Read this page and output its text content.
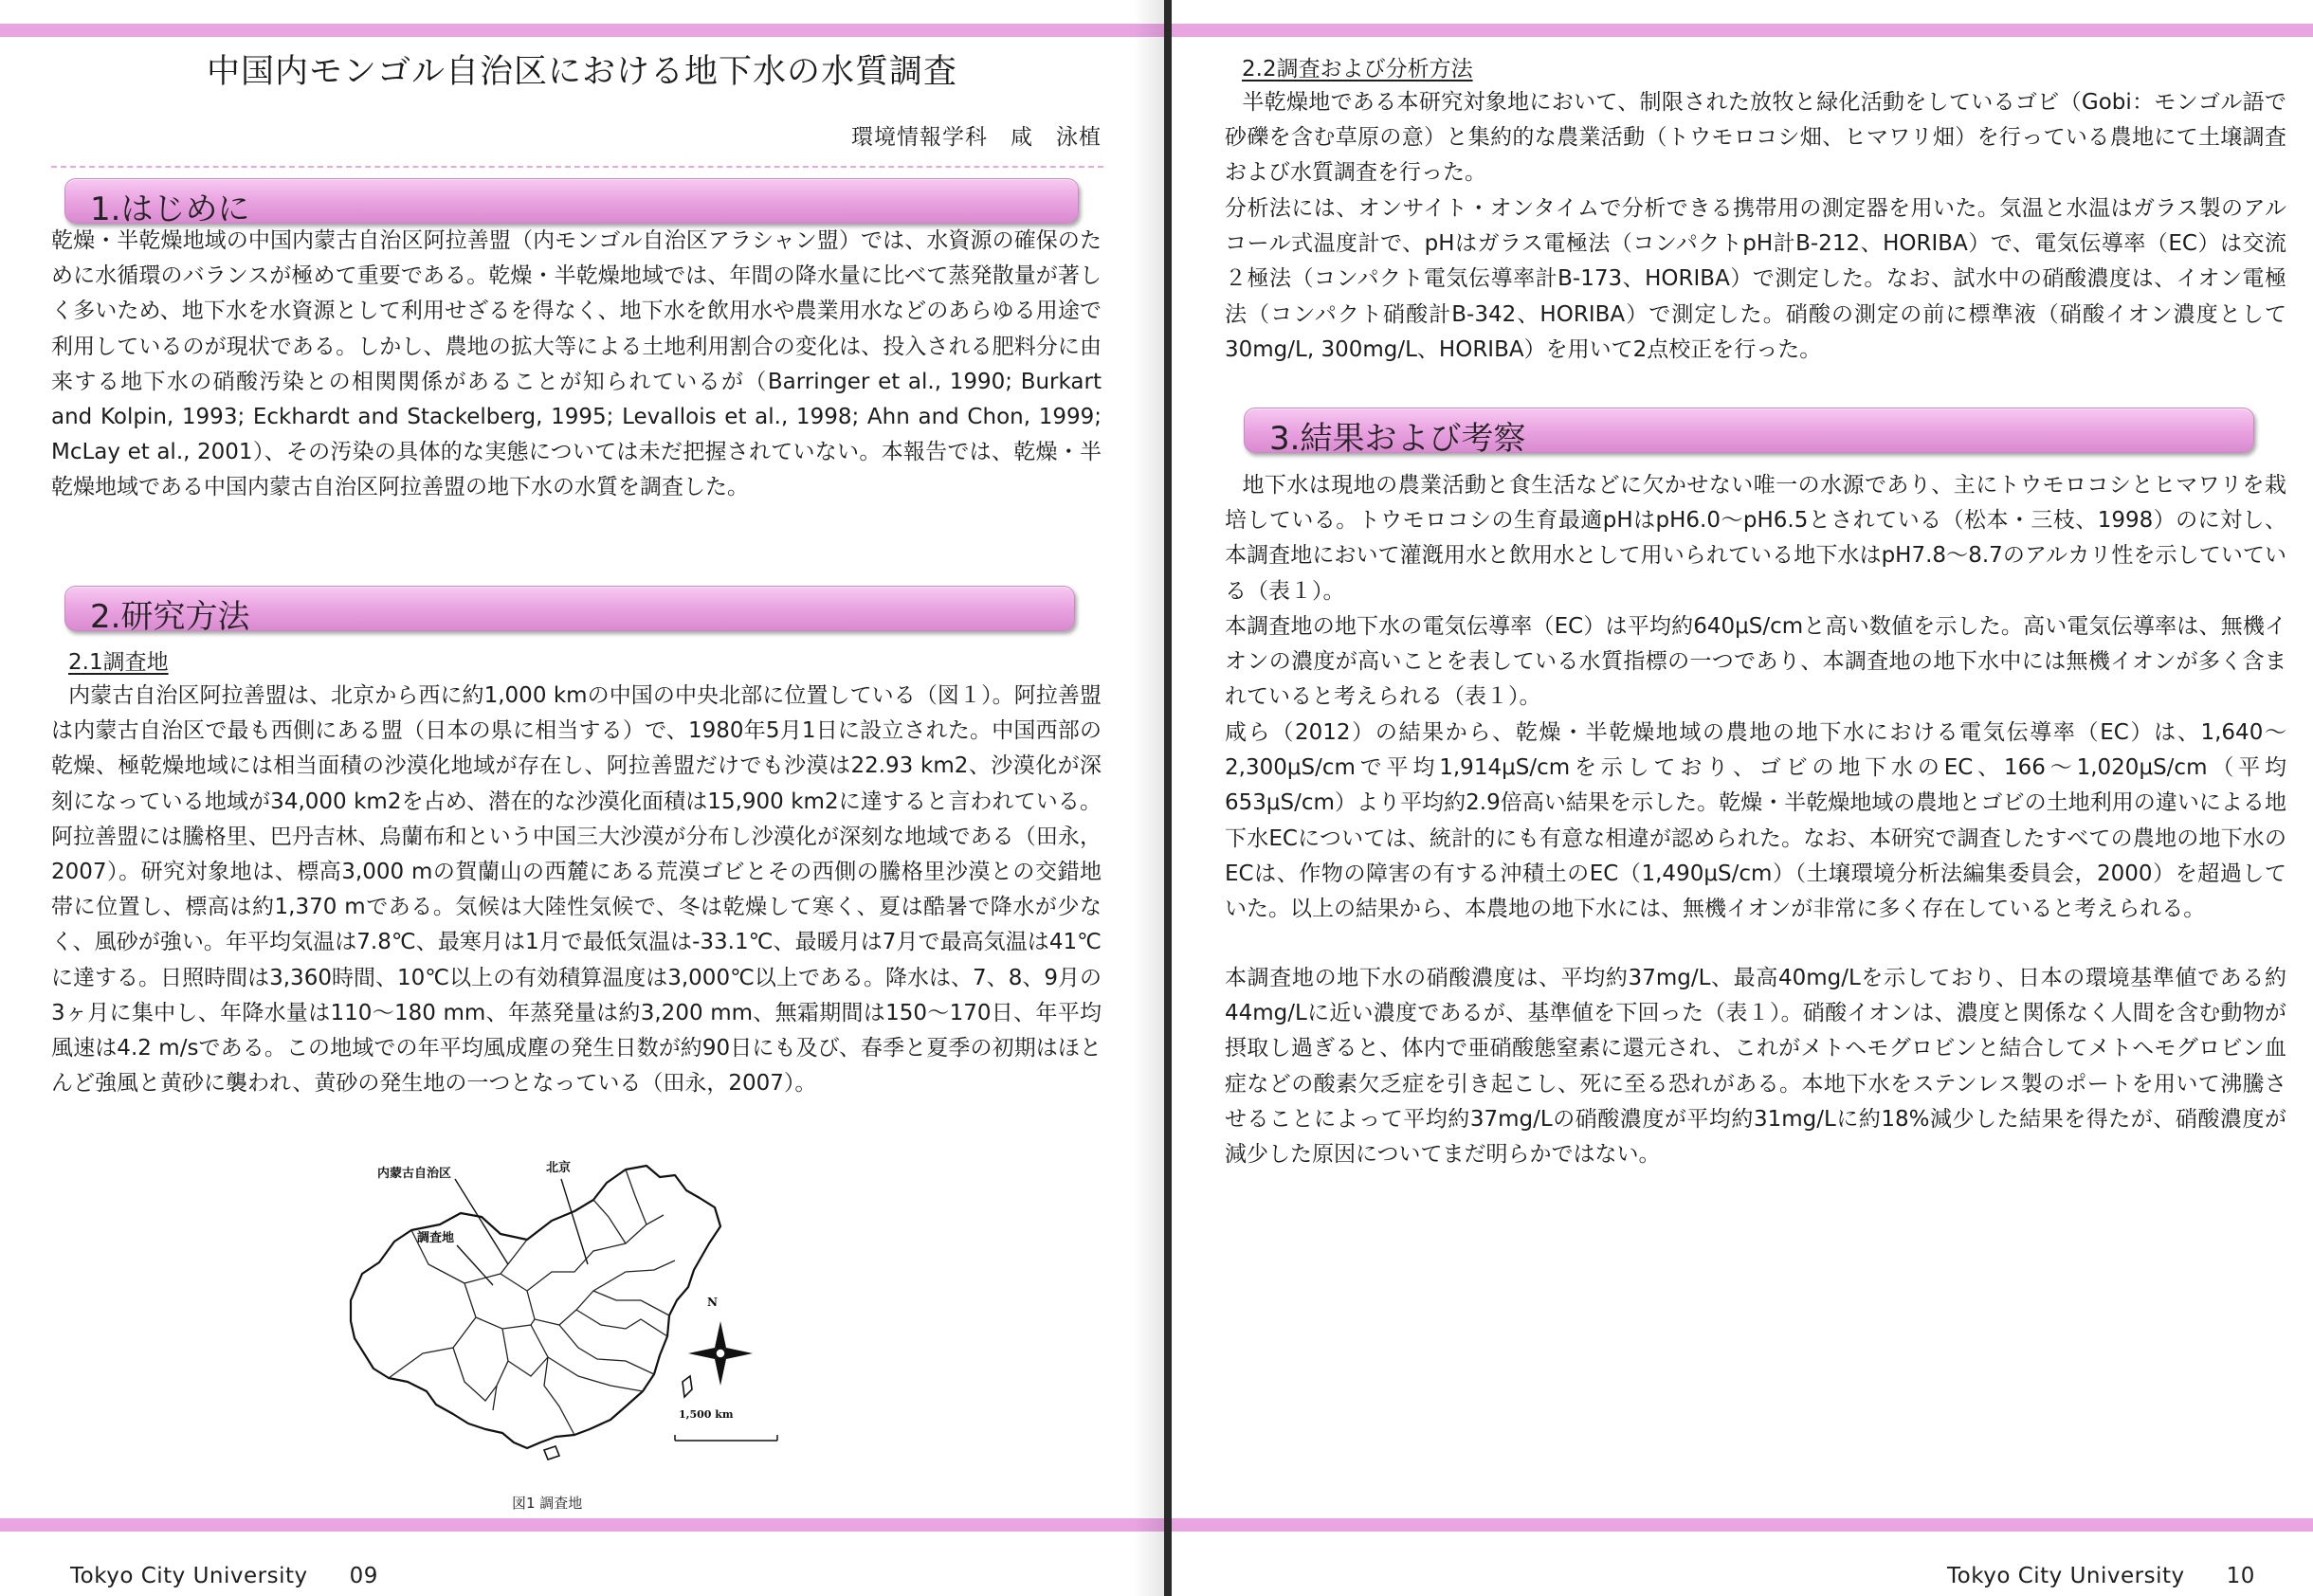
中国内モンゴル自治区における地下水の水質調査
環境情報学科　咸　泳植
1.はじめに
乾燥・半乾燥地域の中国内蒙古自治区阿拉善盟（内モンゴル自治区アラシャン盟）では、水資源の確保のために水循環のバランスが極めて重要である。乾燥・半乾燥地域では、年間の降水量に比べて蒸発散量が著しく多いため、地下水を水資源として利用せざるを得なく、地下水を飲用水や農業用水などのあらゆる用途で利用しているのが現状である。しかし、農地の拡大等による土地利用割合の変化は、投入される肥料分に由来する地下水の硝酸汚染との相関関係があることが知られているが（Barringer et al., 1990; Burkart and Kolpin, 1993; Eckhardt and Stackelberg, 1995; Levallois et al., 1998; Ahn and Chon, 1999; McLay et al., 2001）、その汚染の具体的な実態については未だ把握されていない。本報告では、乾燥・半乾燥地域である中国内蒙古自治区阿拉善盟の地下水の水質を調査した。
2.研究方法
2.1調査地
内蒙古自治区阿拉善盟は、北京から西に約1,000 kmの中国の中央北部に位置している（図１）。阿拉善盟は内蒙古自治区で最も西側にある盟（日本の県に相当する）で、1980年5月1日に設立された。中国西部の乾燥、極乾燥地域には相当面積の沙漠化地域が存在し、阿拉善盟だけでも沙漠は22.93 km2、沙漠化が深刻になっている地域が34,000 km2を占め、潜在的な沙漠化面積は15,900 km2に達すると言われている。阿拉善盟には騰格里、巴丹吉林、烏蘭布和という中国三大沙漠が分布し沙漠化が深刻な地域である（田永，2007）。研究対象地は、標高3,000 mの賀蘭山の西麓にある荒漠ゴビとその西側の騰格里沙漠との交錯地帯に位置し、標高は約1,370 mである。気候は大陸性気候で、冬は乾燥して寒く、夏は酷暑で降水が少なく、風砂が強い。年平均気温は7.8℃、最寒月は1月で最低気温は-33.1℃、最暖月は7月で最高気温は41℃に達する。日照時間は3,360時間、10℃以上の有効積算温度は3,000℃以上である。降水は、7、8、9月の3ヶ月に集中し、年降水量は110～180 mm、年蒸発量は約3,200 mm、無霜期間は150～170日、年平均風速は4.2 m/sである。この地域での年平均風成塵の発生日数が約90日にも及び、春季と夏季の初期はほとんど強風と黄砂に襲われ、黄砂の発生地の一つとなっている（田永，2007）。
内蒙古自治区	北京
調査地
N
1,500 km
図1 調査地
Tokyo City University 09
2.2調査および分析方法
半乾燥地である本研究対象地において、制限された放牧と緑化活動をしているゴビ（Gobi：モンゴル語で砂礫を含む草原の意）と集約的な農業活動（トウモロコシ畑、ヒマワリ畑）を行っている農地にて土壌調査および水質調査を行った。
分析法には、オンサイト・オンタイムで分析できる携帯用の測定器を用いた。気温と水温はガラス製のアルコール式温度計で、pHはガラス電極法（コンパクトpH計B-212、HORIBA）で、電気伝導率（EC）は交流２極法（コンパクト電気伝導率計B-173、HORIBA）で測定した。なお、試水中の硝酸濃度は、イオン電極法（コンパクト硝酸計B-342、HORIBA）で測定した。硝酸の測定の前に標準液（硝酸イオン濃度として30mg/L, 300mg/L、HORIBA）を用いて2点校正を行った。
3.結果および考察
地下水は現地の農業活動と食生活などに欠かせない唯一の水源であり、主にトウモロコシとヒマワリを栽培している。トウモロコシの生育最適pHはpH6.0～pH6.5とされている（松本・三枝、1998）のに対し、本調査地において灌漑用水と飲用水として用いられている地下水はpH7.8～8.7のアルカリ性を示していている（表１）。
本調査地の地下水の電気伝導率（EC）は平均約640μS/cmと高い数値を示した。高い電気伝導率は、無機イオンの濃度が高いことを表している水質指標の一つであり、本調査地の地下水中には無機イオンが多く含まれていると考えられる（表１）。
咸ら（2012）の結果から、乾燥・半乾燥地域の農地の地下水における電気伝導率（EC）は、1,640～2,300μS/cmで平均1,914μS/cmを示しており、ゴビの地下水のEC、166～1,020μS/cm（平均653μS/cm）より平均約2.9倍高い結果を示した。乾燥・半乾燥地域の農地とゴビの土地利用の違いによる地下水ECについては、統計的にも有意な相違が認められた。なお、本研究で調査したすべての農地の地下水のECは、作物の障害の有する沖積土のEC（1,490μS/cm）（土壌環境分析法編集委員会，2000）を超過していた。以上の結果から、本農地の地下水には、無機イオンが非常に多く存在していると考えられる。
本調査地の地下水の硝酸濃度は、平均約37mg/L、最高40mg/Lを示しており、日本の環境基準値である約44mg/Lに近い濃度であるが、基準値を下回った（表１）。硝酸イオンは、濃度と関係なく人間を含む動物が摂取し過ぎると、体内で亜硝酸態窒素に還元され、これがメトヘモグロビンと結合してメトヘモグロビン血症などの酸素欠乏症を引き起こし、死に至る恐れがある。本地下水をステンレス製のポートを用いて沸騰させることによって平均約37mg/Lの硝酸濃度が平均約31mg/Lに約18%減少した結果を得たが、硝酸濃度が減少した原因についてまだ明らかではない。
Tokyo City University 10
